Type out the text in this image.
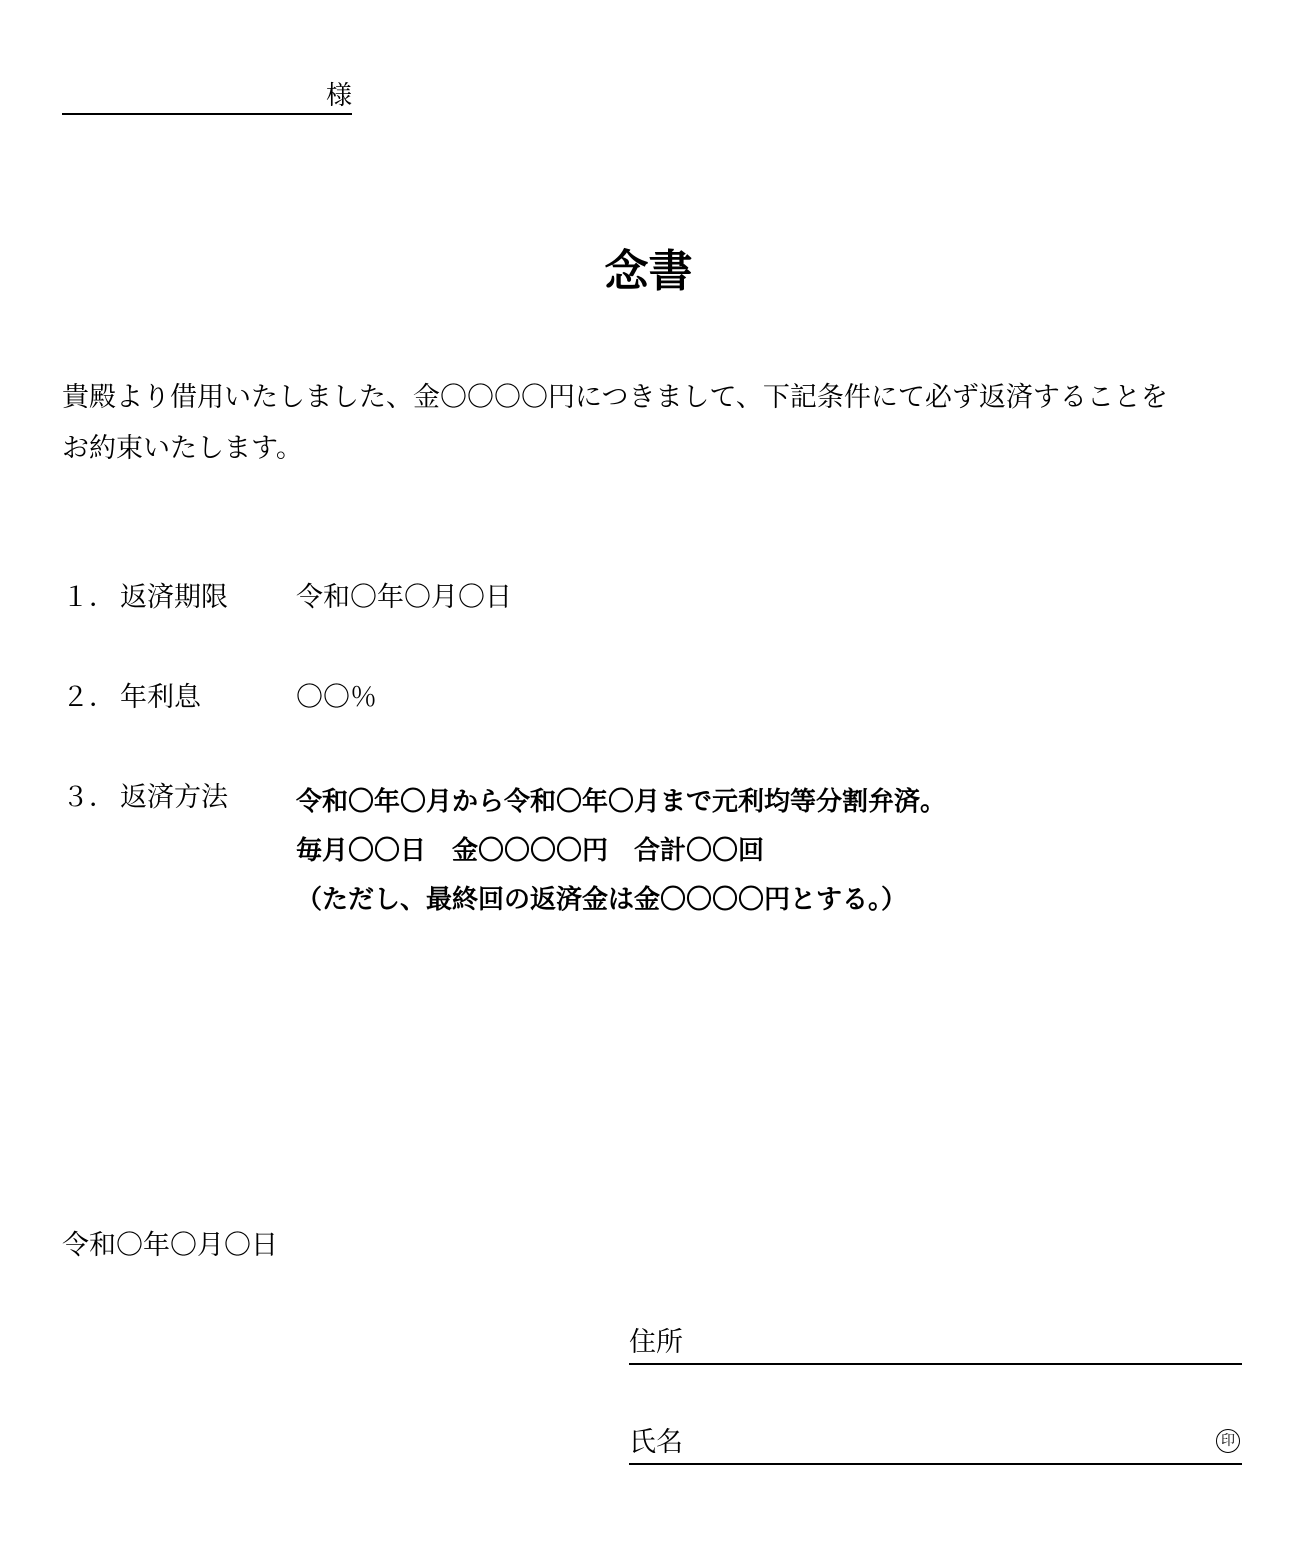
様
念書
貴殿より借用いたしました、金〇〇〇〇円につきまして、下記条件にて必ず返済することを
お約束いたします。
１． 返済期限	令和〇年〇月〇日
２． 年利息	〇〇％
３． 返済方法	令和〇年〇月から令和〇年〇月まで元利均等分割弁済。
毎月〇〇日　金〇〇〇〇円　合計〇〇回
（ただし、最終回の返済金は金〇〇〇〇円とする。）
令和〇年〇月〇日
住所
氏名	印
